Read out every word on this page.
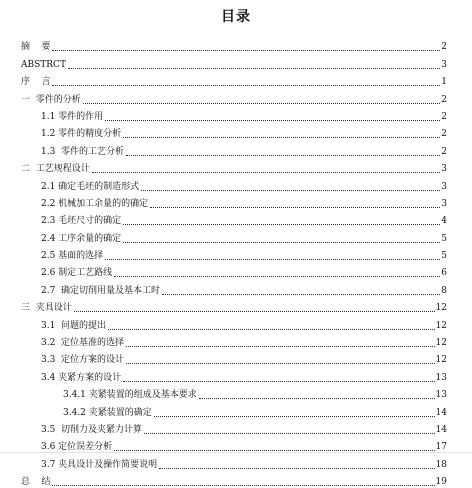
目录
摘    要	2
ABSTRCT	3
序    言	1
一  零件的分析	2
1.1 零件的作用	2
1.2 零件的精度分析	2
1.3  零件的工艺分析	2
二  工艺规程设计	3
2.1 确定毛坯的制造形式	3
2.2 机械加工余量的的确定	3
2.3 毛坯尺寸的确定	4
2.4 工序余量的确定	5
2.5 基面的选择	5
2.6 制定工艺路线	6
2.7  确定切削用量及基本工时	8
三  夹具设计	12
3.1  问题的提出	12
3.2  定位基准的选择	12
3.3  定位方案的设计	12
3.4 夹紧方案的设计	13
3.4.1 夹紧装置的组成及基本要求	13
3.4.2 夹紧装置的确定	14
3.5  切削力及夹紧力计算	14
3.6 定位误差分析	17
3.7 夹具设计及操作简要说明	18
总    结	19
